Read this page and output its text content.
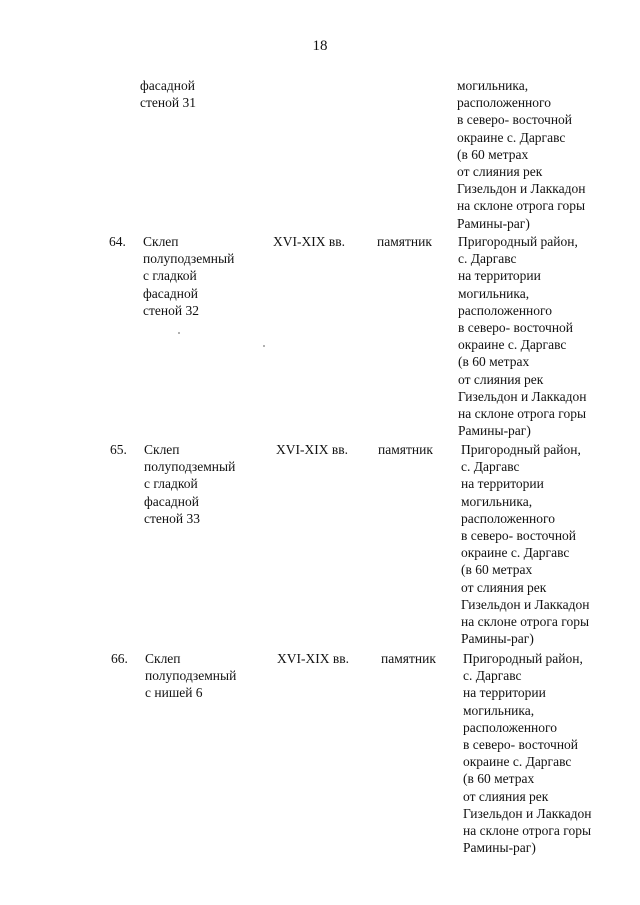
18
фасадной
стеной 31
могильника,
расположенного
в северо- восточной
окраине с. Даргавс
(в 60 метрах
от слияния рек
Гизельдон и Лаккадон
на склоне отрога горы
Рамины-раг)
64. Склеп
полуподземный
с гладкой
фасадной
стеной 32
XVI-XIX вв. памятник Пригородный район,
с. Даргавс
на территории
могильника,
расположенного
в северо- восточной
окраине с. Даргавс
(в 60 метрах
от слияния рек
Гизельдон и Лаккадон
на склоне отрога горы
Рамины-раг)
65. Склеп
полуподземный
с гладкой
фасадной
стеной 33
XVI-XIX вв. памятник Пригородный район,
с. Даргавс
на территории
могильника,
расположенного
в северо- восточной
окраине с. Даргавс
(в 60 метрах
от слияния рек
Гизельдон и Лаккадон
на склоне отрога горы
Рамины-раг)
66. Склеп
полуподземный
с нишей 6
XVI-XIX вв. памятник Пригородный район,
с. Даргавс
на территории
могильника,
расположенного
в северо- восточной
окраине с. Даргавс
(в 60 метрах
от слияния рек
Гизельдон и Лаккадон
на склоне отрога горы
Рамины-раг)
